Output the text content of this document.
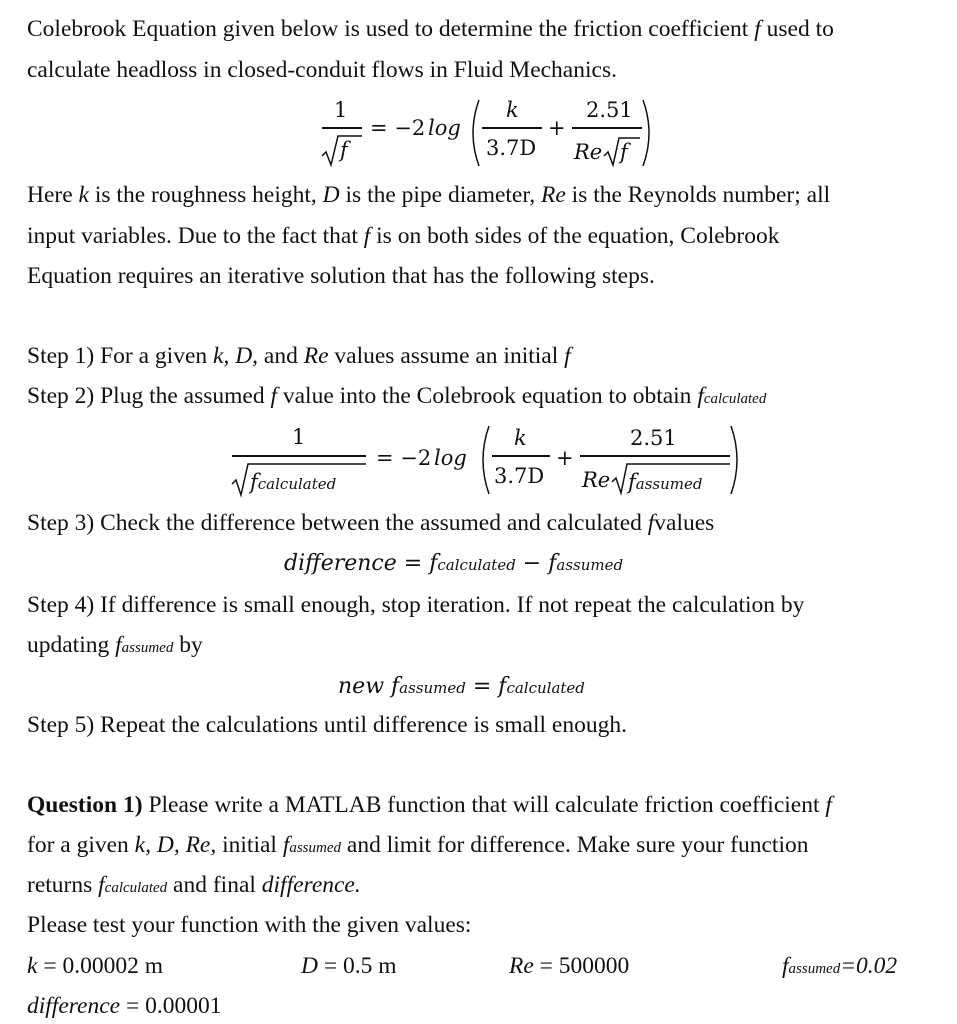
Colebrook Equation given below is used to determine the friction coefficient f used to
calculate headloss in closed-conduit flows in Fluid Mechanics.
1
f
= −2 log
k
3.7D
+
2.51
Re f
Here k is the roughness height, D is the pipe diameter, Re is the Reynolds number; all
input variables. Due to the fact that f is on both sides of the equation, Colebrook
Equation requires an iterative solution that has the following steps.
Step 1) For a given k, D, and Re values assume an initial f
Step 2) Plug the assumed f value into the Colebrook equation to obtain fcalculated
1
fcalculated
= −2 log
k
3.7D
+
2.51
Re fassumed
Step 3) Check the difference between the assumed and calculated fvalues
difference = fcalculated − fassumed
Step 4) If difference is small enough, stop iteration. If not repeat the calculation by
updating fassumed by
new fassumed = fcalculated
Step 5) Repeat the calculations until difference is small enough.
Question 1) Please write a MATLAB function that will calculate friction coefficient f
for a given k, D, Re, initial fassumed and limit for difference. Make sure your function
returns fcalculated and final difference.
Please test your function with the given values:
k = 0.00002 m	D = 0.5 m	Re = 500000	fassumed=0.02
difference = 0.00001
